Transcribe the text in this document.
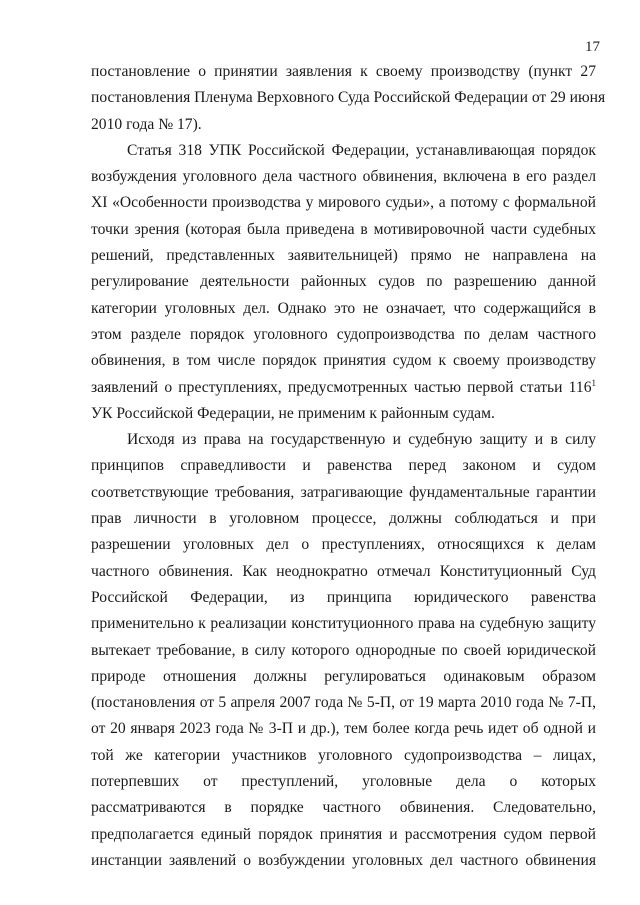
17
постановление о принятии заявления к своему производству (пункт 27
постановления Пленума Верховного Суда Российской Федерации от 29 июня
2010 года № 17).
Статья 318 УПК Российской Федерации, устанавливающая порядок
возбуждения уголовного дела частного обвинения, включена в его раздел
XI «Особенности производства у мирового судьи», а потому с формальной
точки зрения (которая была приведена в мотивировочной части судебных
решений, представленных заявительницей) прямо не направлена на
регулирование деятельности районных судов по разрешению данной
категории уголовных дел. Однако это не означает, что содержащийся в
этом разделе порядок уголовного судопроизводства по делам частного
обвинения, в том числе порядок принятия судом к своему производству
заявлений о преступлениях, предусмотренных частью первой статьи $116^1$
УК Российской Федерации, не применим к районным судам.
Исходя из права на государственную и судебную защиту и в силу
принципов справедливости и равенства перед законом и судом
соответствующие требования, затрагивающие фундаментальные гарантии
прав личности в уголовном процессе, должны соблюдаться и при
разрешении уголовных дел о преступлениях, относящихся к делам
частного обвинения. Как неоднократно отмечал Конституционный Суд
Российской Федерации, из принципа юридического равенства
применительно к реализации конституционного права на судебную защиту
вытекает требование, в силу которого однородные по своей юридической
природе отношения должны регулироваться одинаковым образом
(постановления от 5 апреля 2007 года № 5-П, от 19 марта 2010 года № 7-П,
от 20 января 2023 года № 3-П и др.), тем более когда речь идет об одной и
той же категории участников уголовного судопроизводства – лицах,
потерпевших от преступлений, уголовные дела о которых
рассматриваются в порядке частного обвинения. Следовательно,
предполагается единый порядок принятия и рассмотрения судом первой
инстанции заявлений о возбуждении уголовных дел частного обвинения
